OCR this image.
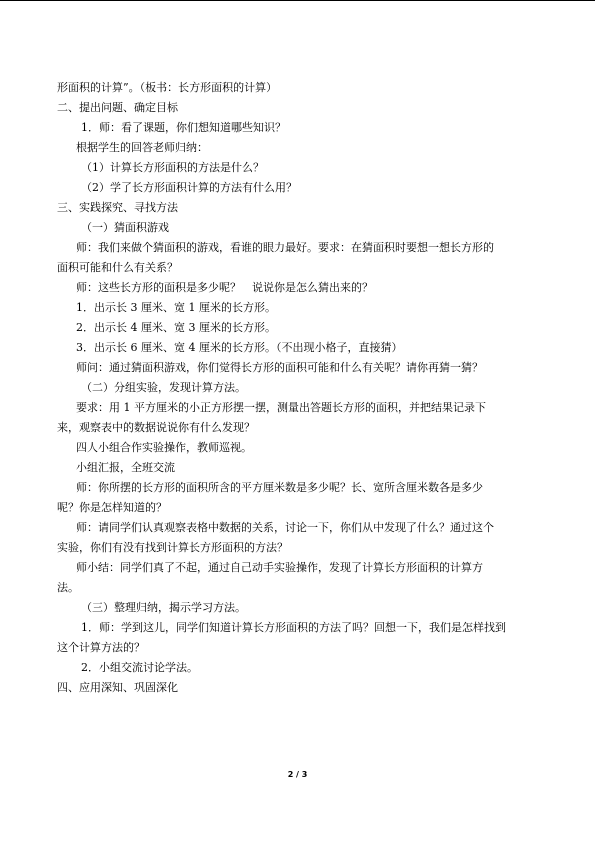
形面积的计算”。（板书：长方形面积的计算）
二、提出问题、确定目标
1．师：看了课题，你们想知道哪些知识？
根据学生的回答老师归纳：
（1）计算长方形面积的方法是什么？
（2）学了长方形面积计算的方法有什么用？
三、实践探究、寻找方法
（一）猜面积游戏
师：我们来做个猜面积的游戏，看谁的眼力最好。要求：在猜面积时要想一想长方形的
面积可能和什么有关系？
师：这些长方形的面积是多少呢？　说说你是怎么猜出来的？
1．出示长 3 厘米、宽 1 厘米的长方形。
2．出示长 4 厘米、宽 3 厘米的长方形。
3．出示长 6 厘米、宽 4 厘米的长方形。（不出现小格子，直接猜）
师问：通过猜面积游戏，你们觉得长方形的面积可能和什么有关呢？请你再猜一猜？
（二）分组实验，发现计算方法。
要求：用 1 平方厘米的小正方形摆一摆，测量出答题长方形的面积，并把结果记录下
来，观察表中的数据说说你有什么发现？
四人小组合作实验操作，教师巡视。
小组汇报，全班交流
师：你所摆的长方形的面积所含的平方厘米数是多少呢？长、宽所含厘米数各是多少
呢？你是怎样知道的？
师：请同学们认真观察表格中数据的关系，讨论一下，你们从中发现了什么？通过这个
实验，你们有没有找到计算长方形面积的方法？
师小结：同学们真了不起，通过自己动手实验操作，发现了计算长方形面积的计算方
法。
（三）整理归纳，揭示学习方法。
1．师：学到这儿，同学们知道计算长方形面积的方法了吗？回想一下，我们是怎样找到
这个计算方法的？
2．小组交流讨论学法。
四、应用深知、巩固深化
2 / 3
